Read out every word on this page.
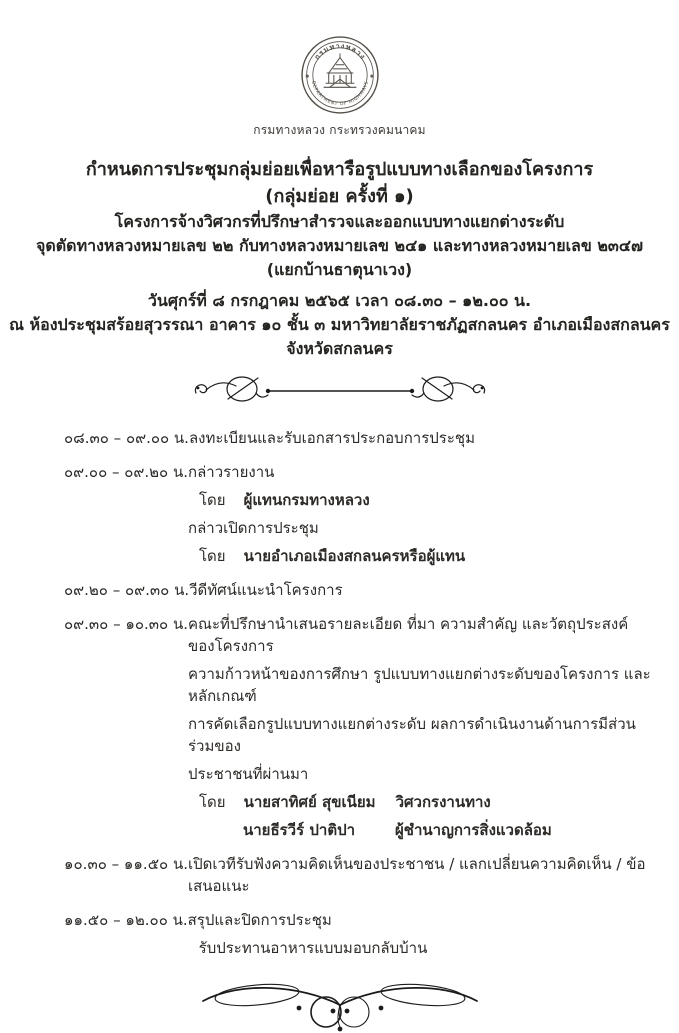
กรมทางหลวง
DEPARTMENT OF HIGHWAYS
✱	✱
กรมทางหลวง กระทรวงคมนาคม
กำหนดการประชุมกลุ่มย่อยเพื่อหารือรูปแบบทางเลือกของโครงการ
(กลุ่มย่อย ครั้งที่ ๑)
โครงการจ้างวิศวกรที่ปรึกษาสำรวจและออกแบบทางแยกต่างระดับ
จุดตัดทางหลวงหมายเลข ๒๒ กับทางหลวงหมายเลข ๒๔๑ และทางหลวงหมายเลข ๒๓๔๗
(แยกบ้านธาตุนาเวง)
วันศุกร์ที่ ๘ กรกฎาคม ๒๕๖๕ เวลา ๐๘.๓๐ – ๑๒.๐๐ น.
ณ ห้องประชุมสร้อยสุวรรณา อาคาร ๑๐ ชั้น ๓ มหาวิทยาลัยราชภัฏสกลนคร อำเภอเมืองสกลนคร
จังหวัดสกลนคร
๐๘.๓๐ – ๐๙.๐๐ น. ลงทะเบียนและรับเอกสารประกอบการประชุม
๐๙.๐๐ – ๐๙.๒๐ น. กล่าวรายงาน
โดย ผู้แทนกรมทางหลวง
กล่าวเปิดการประชุม
โดย นายอำเภอเมืองสกลนครหรือผู้แทน
๐๙.๒๐ – ๐๙.๓๐ น. วีดีทัศน์แนะนำโครงการ
๐๙.๓๐ – ๑๐.๓๐ น. คณะที่ปรึกษานำเสนอรายละเอียด ที่มา ความสำคัญ และวัตถุประสงค์ของโครงการ
ความก้าวหน้าของการศึกษา รูปแบบทางแยกต่างระดับของโครงการ และหลักเกณฑ์
การคัดเลือกรูปแบบทางแยกต่างระดับ ผลการดำเนินงานด้านการมีส่วนร่วมของ
ประชาชนที่ผ่านมา
โดย นายสาทิศย์ สุขเนียม วิศวกรงานทาง
นายธีรวีร์ ปาติปา	ผู้ชำนาญการสิ่งแวดล้อม
๑๐.๓๐ – ๑๑.๕๐ น. เปิดเวทีรับฟังความคิดเห็นของประชาชน / แลกเปลี่ยนความคิดเห็น / ข้อเสนอแนะ
๑๑.๕๐ – ๑๒.๐๐ น. สรุปและปิดการประชุม
รับประทานอาหารแบบมอบกลับบ้าน
